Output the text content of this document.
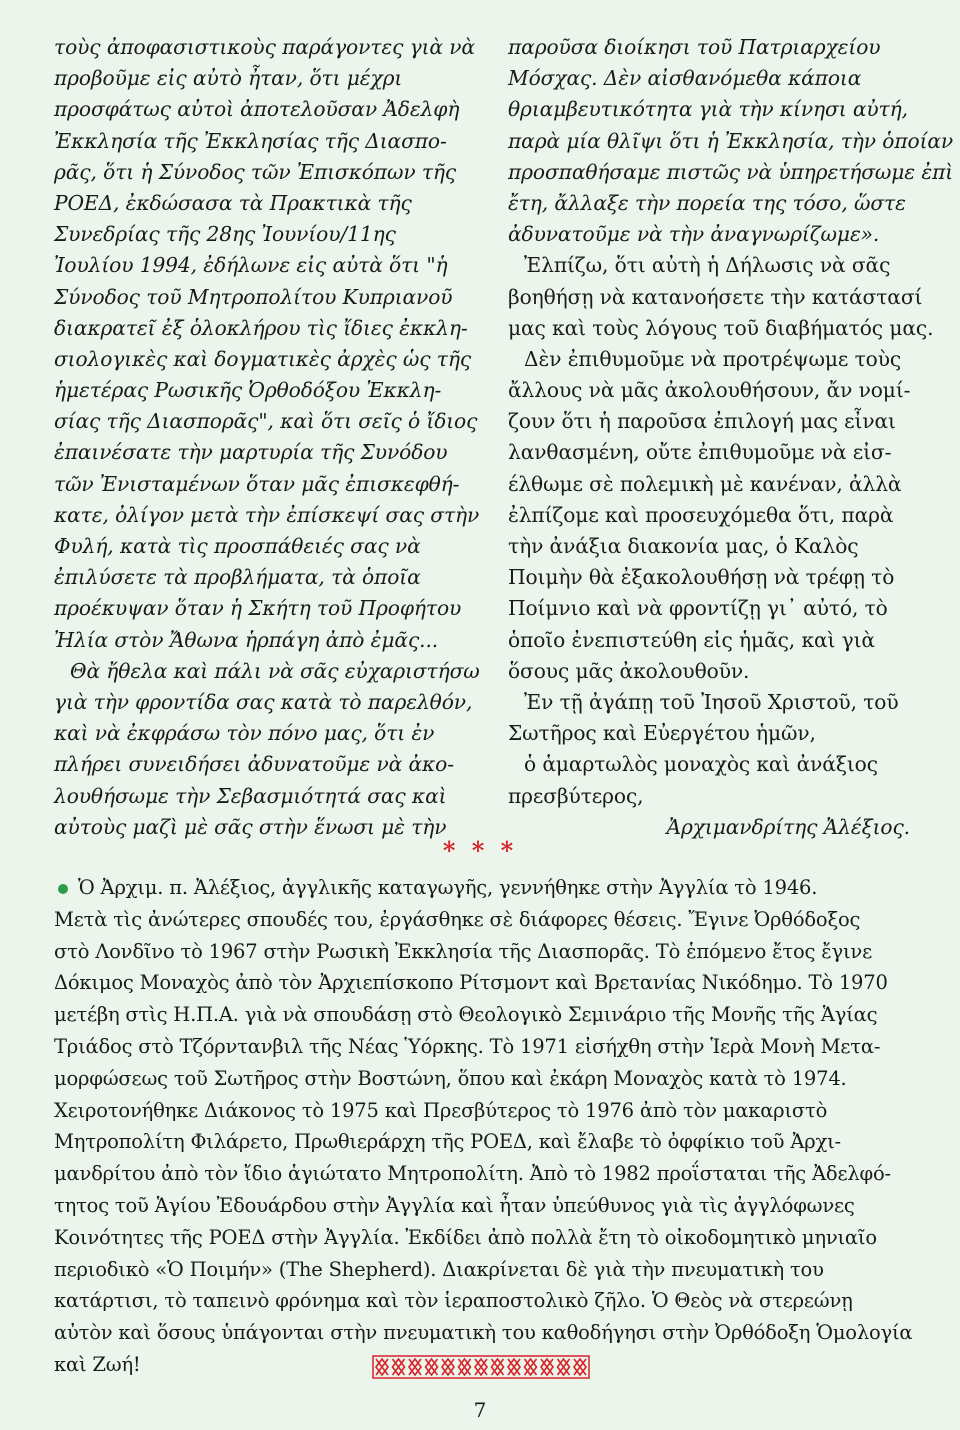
τοὺς ἀποφασιστικοὺς παράγοντες γιὰ νὰ
προβοῦμε εἰς αὐτὸ ἦταν, ὅτι μέχρι
προσφάτως αὐτοὶ ἀποτελοῦσαν Ἀδελφὴ
Ἐκκλησία τῆς Ἐκκλησίας τῆς Διασπο-
ρᾶς, ὅτι ἡ Σύνοδος τῶν Ἐπισκόπων τῆς
ΡΟΕΔ, ἐκδώσασα τὰ Πρακτικὰ τῆς
Συνεδρίας τῆς 28ης Ἰουνίου/11ης
Ἰουλίου 1994, ἐδήλωνε εἰς αὐτὰ ὅτι "ἡ
Σύνοδος τοῦ Μητροπολίτου Κυπριανοῦ
διακρατεῖ ἐξ ὁλοκλήρου τὶς ἴδιες ἐκκλη-
σιολογικὲς καὶ δογματικὲς ἀρχὲς ὡς τῆς
ἡμετέρας Ρωσικῆς Ὀρθοδόξου Ἐκκλη-
σίας τῆς Διασπορᾶς", καὶ ὅτι σεῖς ὁ ἴδιος
ἐπαινέσατε τὴν μαρτυρία τῆς Συνόδου
τῶν Ἐνισταμένων ὅταν μᾶς ἐπισκεφθή-
κατε, ὀλίγον μετὰ τὴν ἐπίσκεψί σας στὴν
Φυλή, κατὰ τὶς προσπάθειές σας νὰ
ἐπιλύσετε τὰ προβλήματα, τὰ ὁποῖα
προέκυψαν ὅταν ἡ Σκήτη τοῦ Προφήτου
Ἠλία στὸν Ἄθωνα ἡρπάγη ἀπὸ ἐμᾶς...
Θὰ ἤθελα καὶ πάλι νὰ σᾶς εὐχαριστήσω
γιὰ τὴν φροντίδα σας κατὰ τὸ παρελθόν,
καὶ νὰ ἐκφράσω τὸν πόνο μας, ὅτι ἐν
πλήρει συνειδήσει ἀδυνατοῦμε νὰ ἀκο-
λουθήσωμε τὴν Σεβασμιότητά σας καὶ
αὐτοὺς μαζὶ μὲ σᾶς στὴν ἕνωσι μὲ τὴν
παροῦσα διοίκησι τοῦ Πατριαρχείου
Μόσχας. Δὲν αἰσθανόμεθα κάποια
θριαμβευτικότητα γιὰ τὴν κίνησι αὐτή,
παρὰ μία θλῖψι ὅτι ἡ Ἐκκλησία, τὴν ὁποίαν
προσπαθήσαμε πιστῶς νὰ ὑπηρετήσωμε ἐπὶ
ἔτη, ἄλλαξε τὴν πορεία της τόσο, ὥστε
ἀδυνατοῦμε νὰ τὴν ἀναγνωρίζωμε».
Ἐλπίζω, ὅτι αὐτὴ ἡ Δήλωσις νὰ σᾶς
βοηθήσῃ νὰ κατανοήσετε τὴν κατάστασί
μας καὶ τοὺς λόγους τοῦ διαβήματός μας.
Δὲν ἐπιθυμοῦμε νὰ προτρέψωμε τοὺς
ἄλλους νὰ μᾶς ἀκολουθήσουν, ἄν νομί-
ζουν ὅτι ἡ παροῦσα ἐπιλογή μας εἶναι
λανθασμένη, οὔτε ἐπιθυμοῦμε νὰ εἰσ-
έλθωμε σὲ πολεμικὴ μὲ κανέναν, ἀλλὰ
ἐλπίζομε καὶ προσευχόμεθα ὅτι, παρὰ
τὴν ἀνάξια διακονία μας, ὁ Καλὸς
Ποιμὴν θὰ ἐξακολουθήσῃ νὰ τρέφῃ τὸ
Ποίμνιο καὶ νὰ φροντίζῃ γι᾽ αὐτό, τὸ
ὁποῖο ἐνεπιστεύθη εἰς ἡμᾶς, καὶ γιὰ
ὅσους μᾶς ἀκολουθοῦν.
Ἐν τῇ ἀγάπῃ τοῦ Ἰησοῦ Χριστοῦ, τοῦ
Σωτῆρος καὶ Εὐεργέτου ἡμῶν,
ὁ ἁμαρτωλὸς μοναχὸς καὶ ἀνάξιος
πρεσβύτερος,
Ἀρχιμανδρίτης Ἀλέξιος.
* * *
Ὁ Ἀρχιμ. π. Ἀλέξιος, ἀγγλικῆς καταγωγῆς, γεννήθηκε στὴν Ἀγγλία τὸ 1946.
Μετὰ τὶς ἀνώτερες σπουδές του, ἐργάσθηκε σὲ διάφορες θέσεις. Ἔγινε Ὀρθόδοξος
στὸ Λονδῖνο τὸ 1967 στὴν Ρωσικὴ Ἐκκλησία τῆς Διασπορᾶς. Τὸ ἑπόμενο ἔτος ἔγινε
Δόκιμος Μοναχὸς ἀπὸ τὸν Ἀρχιεπίσκοπο Ρίτσμοντ καὶ Βρετανίας Νικόδημο. Τὸ 1970
μετέβη στὶς Η.Π.Α. γιὰ νὰ σπουδάσῃ στὸ Θεολογικὸ Σεμινάριο τῆς Μονῆς τῆς Ἁγίας
Τριάδος στὸ Τζόρντανβιλ τῆς Νέας Ὑόρκης. Τὸ 1971 εἰσήχθη στὴν Ἱερὰ Μονὴ Μετα-
μορφώσεως τοῦ Σωτῆρος στὴν Βοστώνη, ὅπου καὶ ἐκάρη Μοναχὸς κατὰ τὸ 1974.
Χειροτονήθηκε Διάκονος τὸ 1975 καὶ Πρεσβύτερος τὸ 1976 ἀπὸ τὸν μακαριστὸ
Μητροπολίτη Φιλάρετο, Πρωθιεράρχη τῆς ΡΟΕΔ, καὶ ἔλαβε τὸ ὀφφίκιο τοῦ Ἀρχι-
μανδρίτου ἀπὸ τὸν ἴδιο ἁγιώτατο Μητροπολίτη. Ἀπὸ τὸ 1982 προΐσταται τῆς Ἀδελφό-
τητος τοῦ Ἁγίου Ἐδουάρδου στὴν Ἀγγλία καὶ ἦταν ὑπεύθυνος γιὰ τὶς ἀγγλόφωνες
Κοινότητες τῆς ΡΟΕΔ στὴν Ἀγγλία. Ἐκδίδει ἀπὸ πολλὰ ἔτη τὸ οἰκοδομητικὸ μηνιαῖο
περιοδικὸ «Ὁ Ποιμήν» (The Shepherd). Διακρίνεται δὲ γιὰ τὴν πνευματικὴ του
κατάρτισι, τὸ ταπεινὸ φρόνημα καὶ τὸν ἱεραποστολικὸ ζῆλο. Ὁ Θεὸς νὰ στερεώνῃ
αὐτὸν καὶ ὅσους ὑπάγονται στὴν πνευματικὴ του καθοδήγησι στὴν Ὀρθόδοξη Ὁμολογία
καὶ Ζωή!
7
